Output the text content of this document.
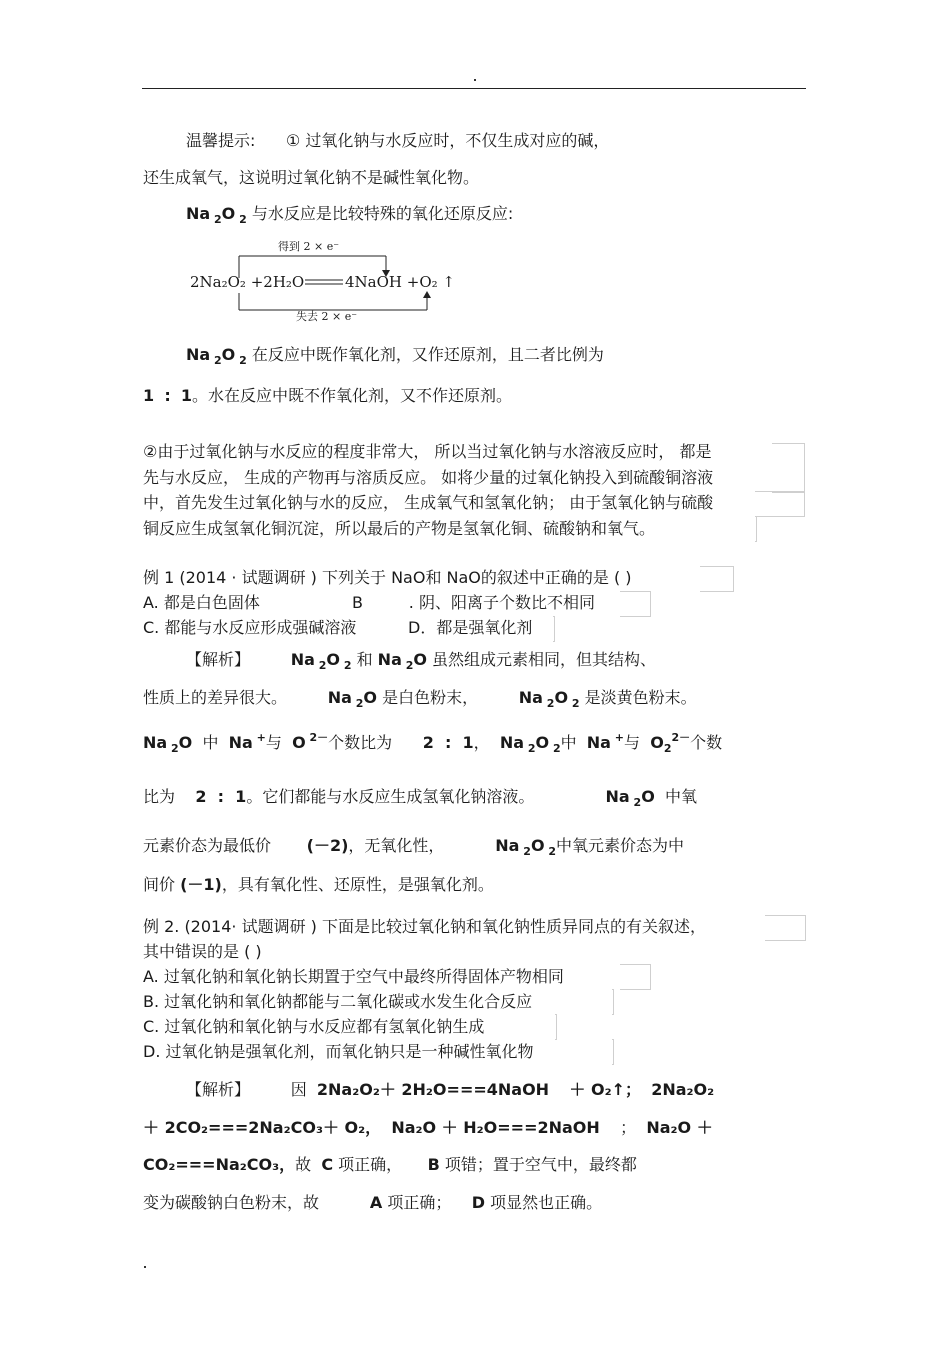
温馨提示: ① 过氧化钠与水反应时，不仅生成对应的碱，
还生成氧气，这说明过氧化钠不是碱性氧化物。
Na $_2$O $_2$ 与水反应是比较特殊的氧化还原反应:
得到 2 × e⁻
2Na₂O₂ +2H₂O	4NaOH +O₂ ↑
失去 2 × e⁻
Na $_2$O $_2$ 在反应中既作氧化剂，又作还原剂，且二者比例为
1 : 1。水在反应中既不作氧化剂，又不作还原剂。
②由于过氧化钠与水反应的程度非常大， 所以当过氧化钠与水溶液反应时， 都是
先与水反应， 生成的产物再与溶质反应。 如将少量的过氧化钠投入到硫酸铜溶液
中，首先发生过氧化钠与水的反应， 生成氧气和氢氧化钠； 由于氢氧化钠与硫酸
铜反应生成氢氧化铜沉淀，所以最后的产物是氢氧化铜、硫酸钠和氧气。
例 1 (2014 · 试题调研 ) 下列关于 NaO和 NaO的叙述中正确的是 ( )
A. 都是白色固体	B	. 阴、阳离子个数比不相同
C. 都能与水反应形成强碱溶液	D．都是强氧化剂
【解析】	Na $_2$O $_2$ 和 Na $_2$O 虽然组成元素相同，但其结构、
性质上的差异很大。	Na $_2$O 是白色粉末，	Na $_2$O $_2$ 是淡黄色粉末。
Na $_2$O 中 Na +与 O $^{2-}$个数比为 2  :  1，  Na $_2$O $_2$中 Na +与 $O_2^{2-}$个数
比为 2  :  1。它们都能与水反应生成氢氧化钠溶液。	Na $_2$O 中氧
元素价态为最低价 (－2)，无氧化性，	Na $_2$O $_2$中氧元素价态为中
间价 (－1)，具有氧化性、还原性，是强氧化剂。
例 2. (2014· 试题调研 ) 下面是比较过氧化钠和氧化钠性质异同点的有关叙述，
其中错误的是 ( )
A. 过氧化钠和氧化钠长期置于空气中最终所得固体产物相同
B. 过氧化钠和氧化钠都能与二氧化碳或水发生化合反应
C. 过氧化钠和氧化钠与水反应都有氢氧化钠生成
D. 过氧化钠是强氧化剂，而氧化钠只是一种碱性氧化物
【解析】	因 2Na₂O₂＋ 2H₂O===4NaOH ＋ O₂↑； 2Na₂O₂
＋ 2CO₂===2Na₂CO₃＋ O₂， Na₂O ＋ H₂O===2NaOH ； Na₂O ＋
CO₂===Na₂CO₃，故 C 项正确， B 项错；置于空气中，最终都
变为碳酸钠白色粉末，故	A 项正确； D 项显然也正确。
